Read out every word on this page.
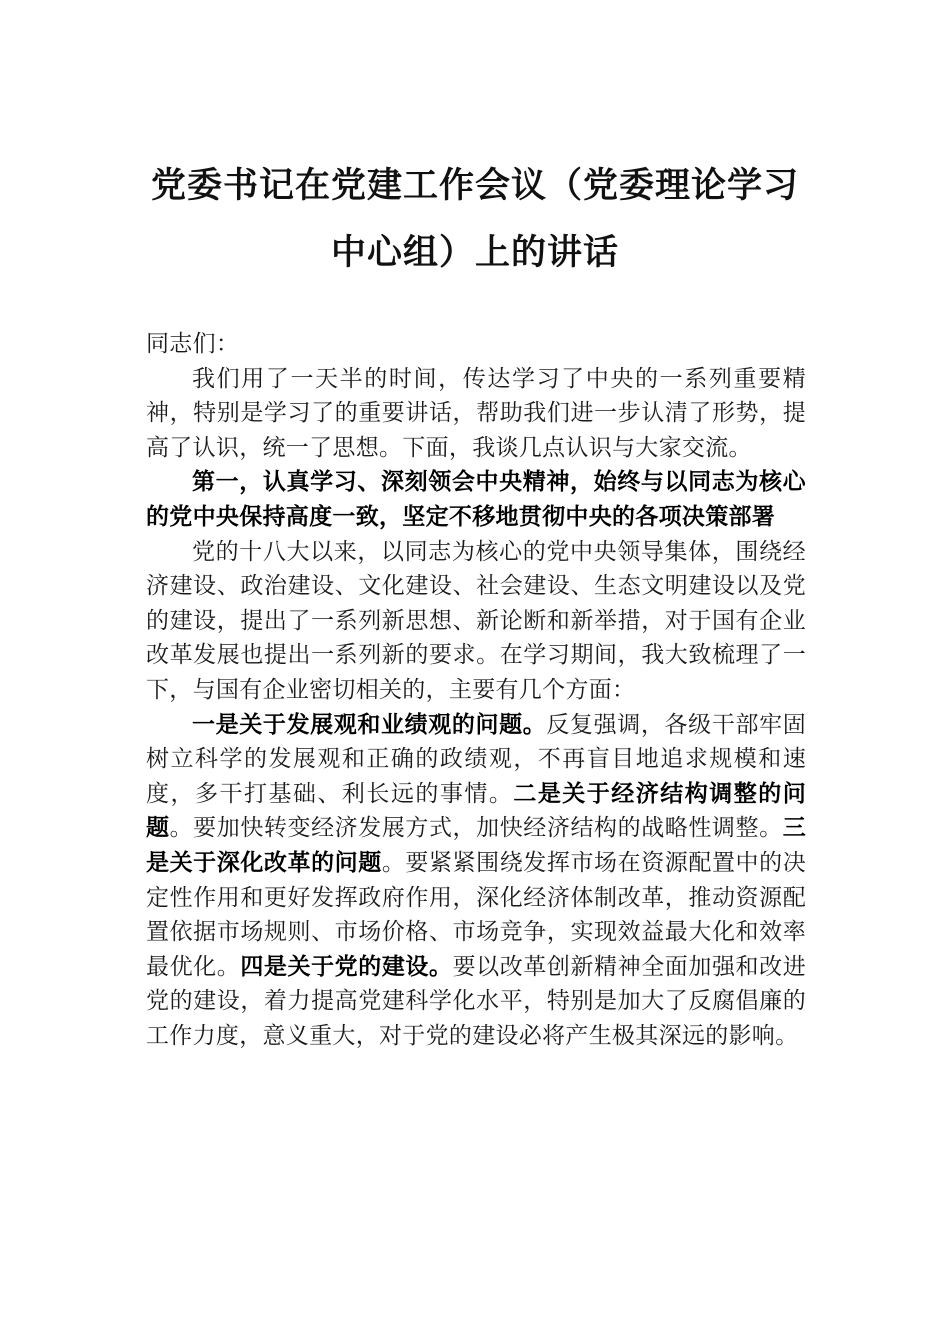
党委书记在党建工作会议（党委理论学习
中心组）上的讲话

同志们：

我们用了一天半的时间，传达学习了中央的一系列重要精神，特别是学习了的重要讲话，帮助我们进一步认清了形势，提高了认识，统一了思想。下面，我谈几点认识与大家交流。

第一，认真学习、深刻领会中央精神，始终与以同志为核心的党中央保持高度一致，坚定不移地贯彻中央的各项决策部署

党的十八大以来，以同志为核心的党中央领导集体，围绕经济建设、政治建设、文化建设、社会建设、生态文明建设以及党的建设，提出了一系列新思想、新论断和新举措，对于国有企业改革发展也提出一系列新的要求。在学习期间，我大致梳理了一下，与国有企业密切相关的，主要有几个方面：

一是关于发展观和业绩观的问题。反复强调，各级干部牢固树立科学的发展观和正确的政绩观，不再盲目地追求规模和速度，多干打基础、利长远的事情。二是关于经济结构调整的问题。要加快转变经济发展方式，加快经济结构的战略性调整。三是关于深化改革的问题。要紧紧围绕发挥市场在资源配置中的决定性作用和更好发挥政府作用，深化经济体制改革，推动资源配置依据市场规则、市场价格、市场竞争，实现效益最大化和效率最优化。四是关于党的建设。要以改革创新精神全面加强和改进党的建设，着力提高党建科学化水平，特别是加大了反腐倡廉的工作力度，意义重大，对于党的建设必将产生极其深远的影响。
